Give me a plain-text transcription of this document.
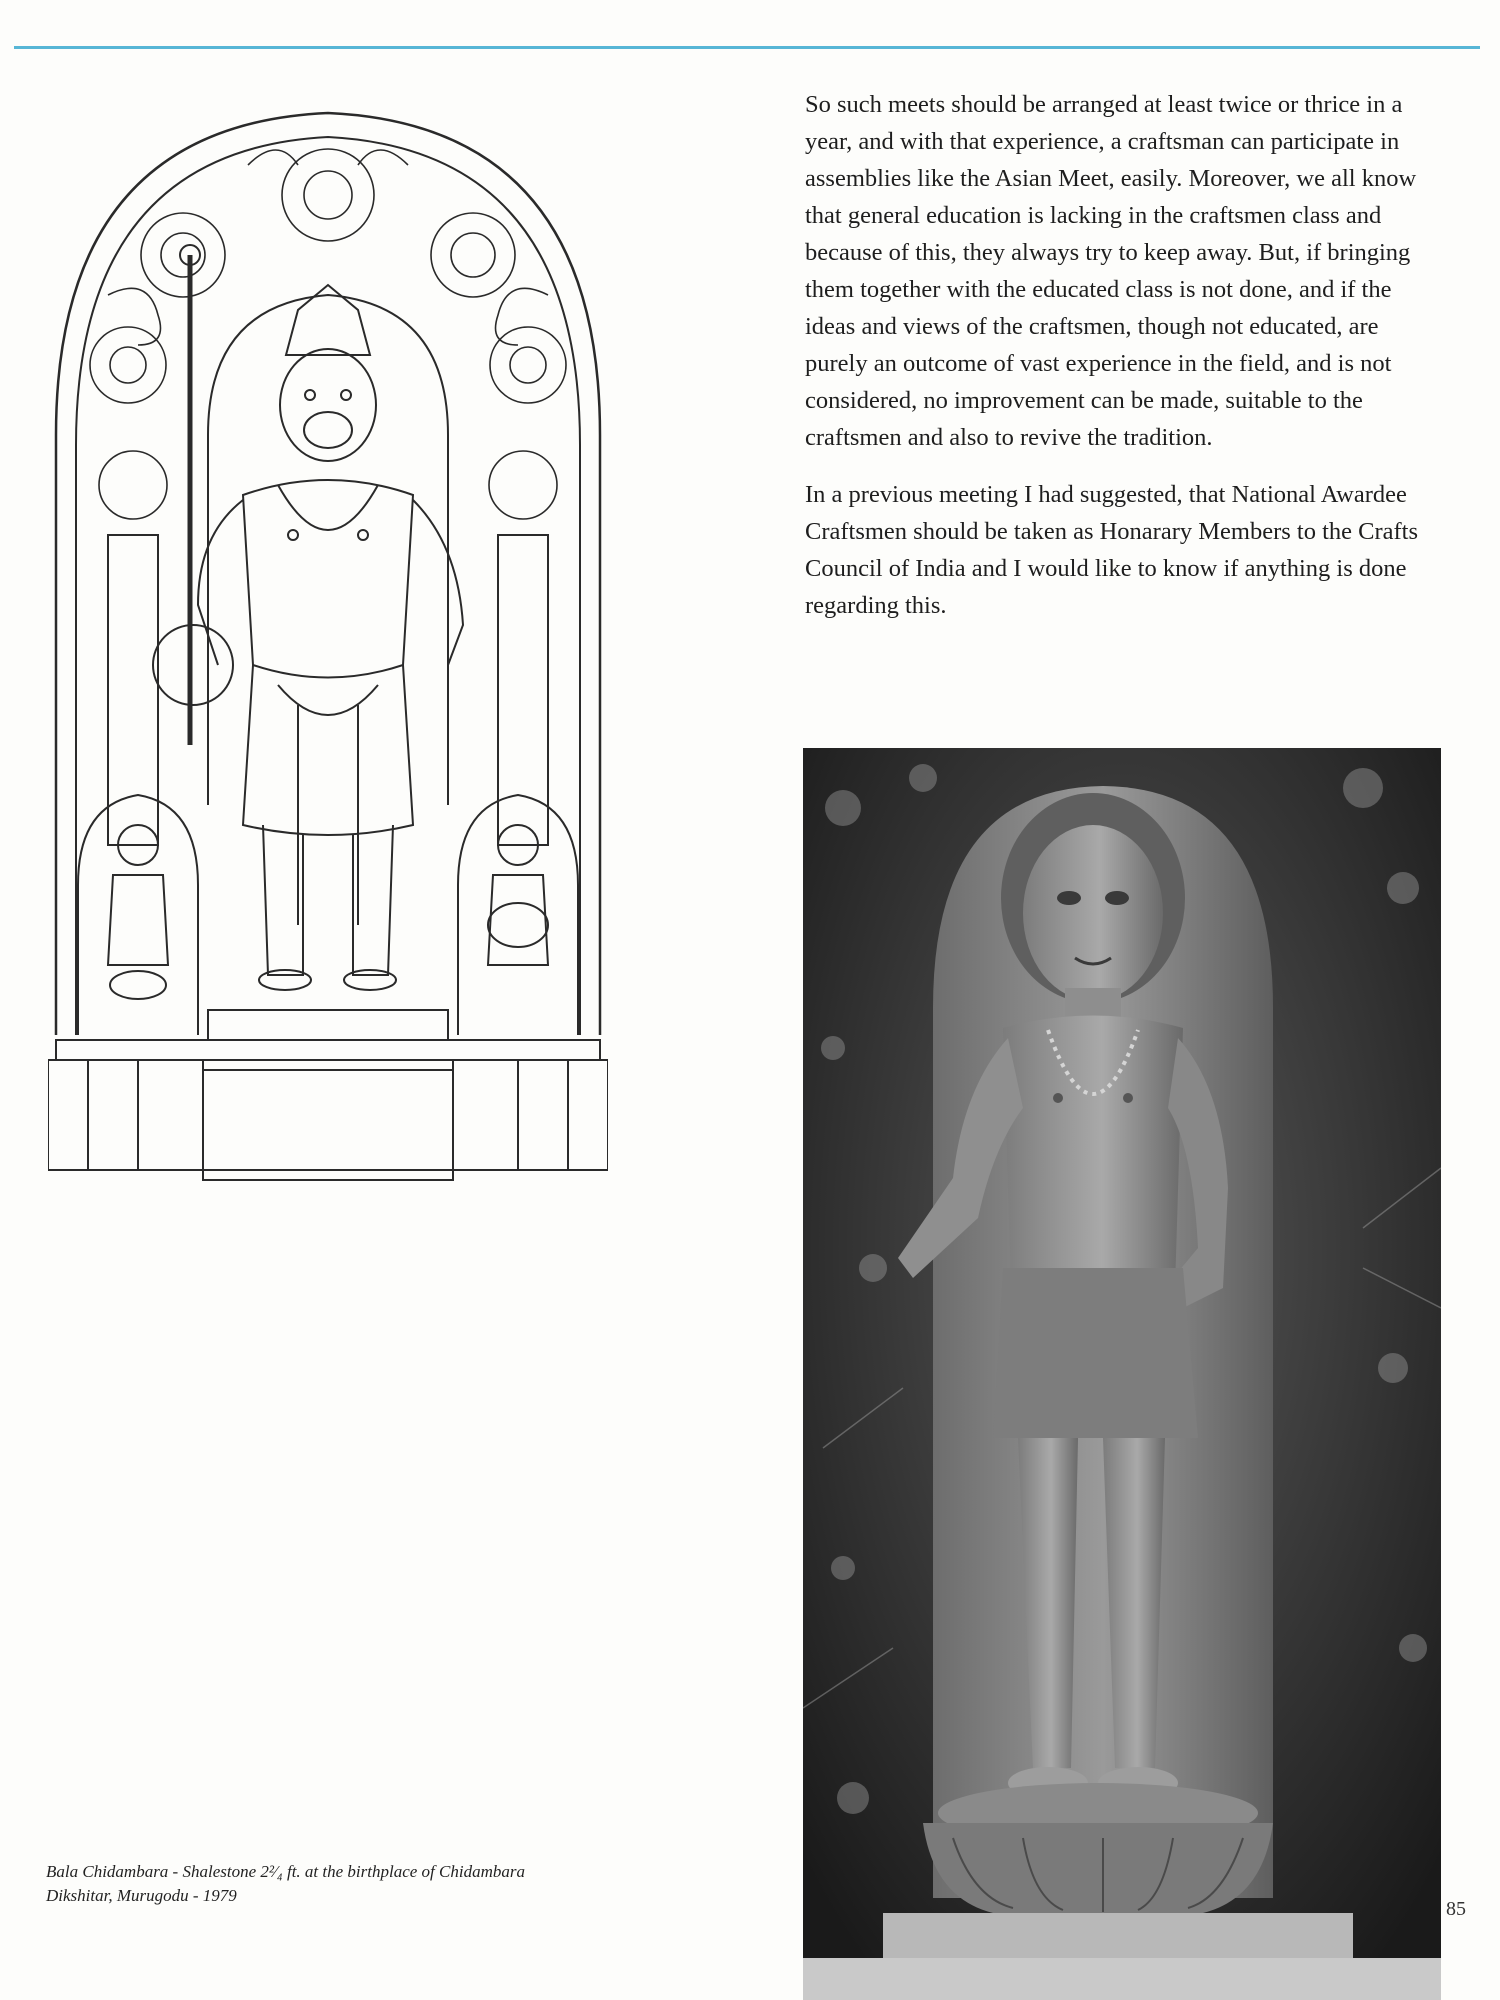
So such meets should be arranged at least twice or thrice in a year, and with that experience, a craftsman can participate in assemblies like the Asian Meet, easily. Moreover, we all know that general education is lacking in the craftsmen class and because of this, they always try to keep away. But, if bringing them together with the educated class is not done, and if the ideas and views of the craftsmen, though not educated, are purely an outcome of vast experience in the field, and is not considered, no improvement can be made, suitable to the craftsmen and also to revive the tradition.

In a previous meeting I had suggested, that National Awardee Craftsmen should be taken as Honarary Members to the Crafts Council of India and I would like to know if anything is done regarding this.

Bala Chidambara - Shalestone 2²⁄₄ ft. at the birthplace of Chidambara
Dikshitar, Murugodu - 1979
85
